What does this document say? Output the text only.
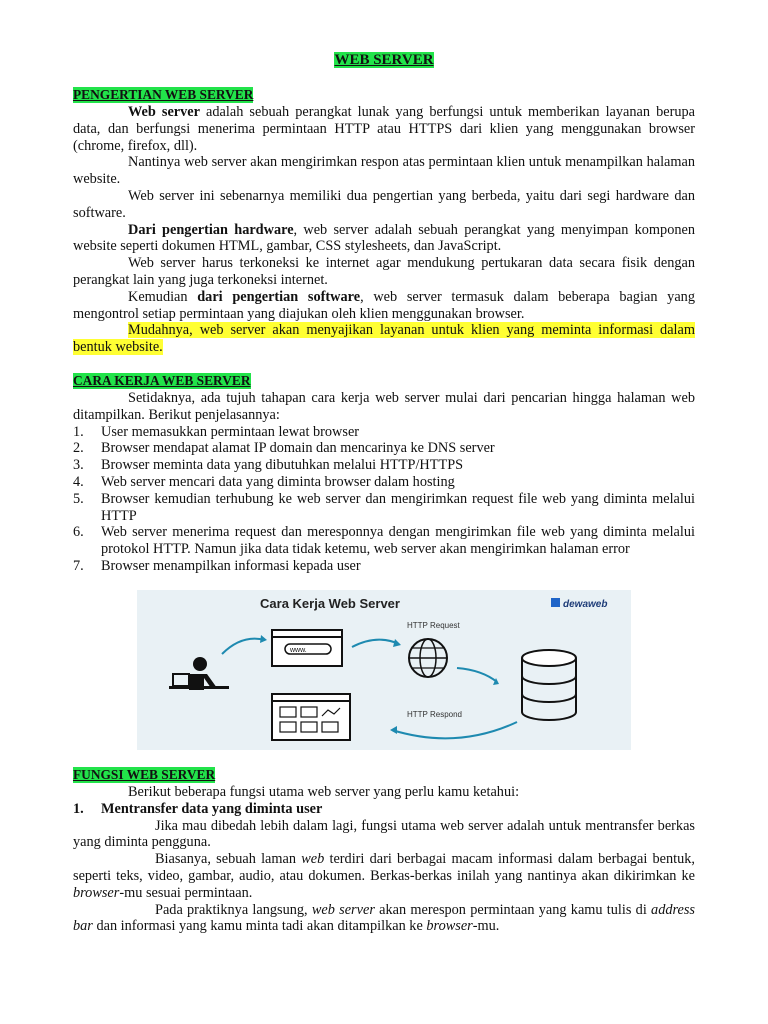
WEB SERVER
PENGERTIAN WEB SERVER

Web server adalah sebuah perangkat lunak yang berfungsi untuk memberikan layanan berupa data, dan berfungsi menerima permintaan HTTP atau HTTPS dari klien yang menggunakan browser (chrome, firefox, dll).

Nantinya web server akan mengirimkan respon atas permintaan klien untuk menampilkan halaman website.

Web server ini sebenarnya memiliki dua pengertian yang berbeda, yaitu dari segi hardware dan software.

Dari pengertian hardware, web server adalah sebuah perangkat yang menyimpan komponen website seperti dokumen HTML, gambar, CSS stylesheets, dan JavaScript.

Web server harus terkoneksi ke internet agar mendukung pertukaran data secara fisik dengan perangkat lain yang juga terkoneksi internet.

Kemudian dari pengertian software, web server termasuk dalam beberapa bagian yang mengontrol setiap permintaan yang diajukan oleh klien menggunakan browser.

Mudahnya, web server akan menyajikan layanan untuk klien yang meminta informasi dalam bentuk website.

CARA KERJA WEB SERVER

Setidaknya, ada tujuh tahapan cara kerja web server mulai dari pencarian hingga halaman web ditampilkan. Berikut penjelasannya:

1.	User memasukkan permintaan lewat browser
2.	Browser mendapat alamat IP domain dan mencarinya ke DNS server
3.	Browser meminta data yang dibutuhkan melalui HTTP/HTTPS
4.	Web server mencari data yang diminta browser dalam hosting
5.	Browser kemudian terhubung ke web server dan mengirimkan request file web yang diminta melalui HTTP
6.	Web server menerima request dan meresponnya dengan mengirimkan file web yang diminta melalui protokol HTTP. Namun jika data tidak ketemu, web server akan mengirimkan halaman error
7.	Browser menampilkan informasi kepada user
Cara Kerja Web Server	dewaweb
www.
HTTP Request
HTTP Respond
FUNGSI WEB SERVER

Berikut beberapa fungsi utama web server yang perlu kamu ketahui:

1.	Mentransfer data yang diminta user

Jika mau dibedah lebih dalam lagi, fungsi utama web server adalah untuk mentransfer berkas yang diminta pengguna.

Biasanya, sebuah laman web terdiri dari berbagai macam informasi dalam berbagai bentuk, seperti teks, video, gambar, audio, atau dokumen. Berkas-berkas inilah yang nantinya akan dikirimkan ke browser-mu sesuai permintaan.

Pada praktiknya langsung, web server akan merespon permintaan yang kamu tulis di address bar dan informasi yang kamu minta tadi akan ditampilkan ke browser-mu.
